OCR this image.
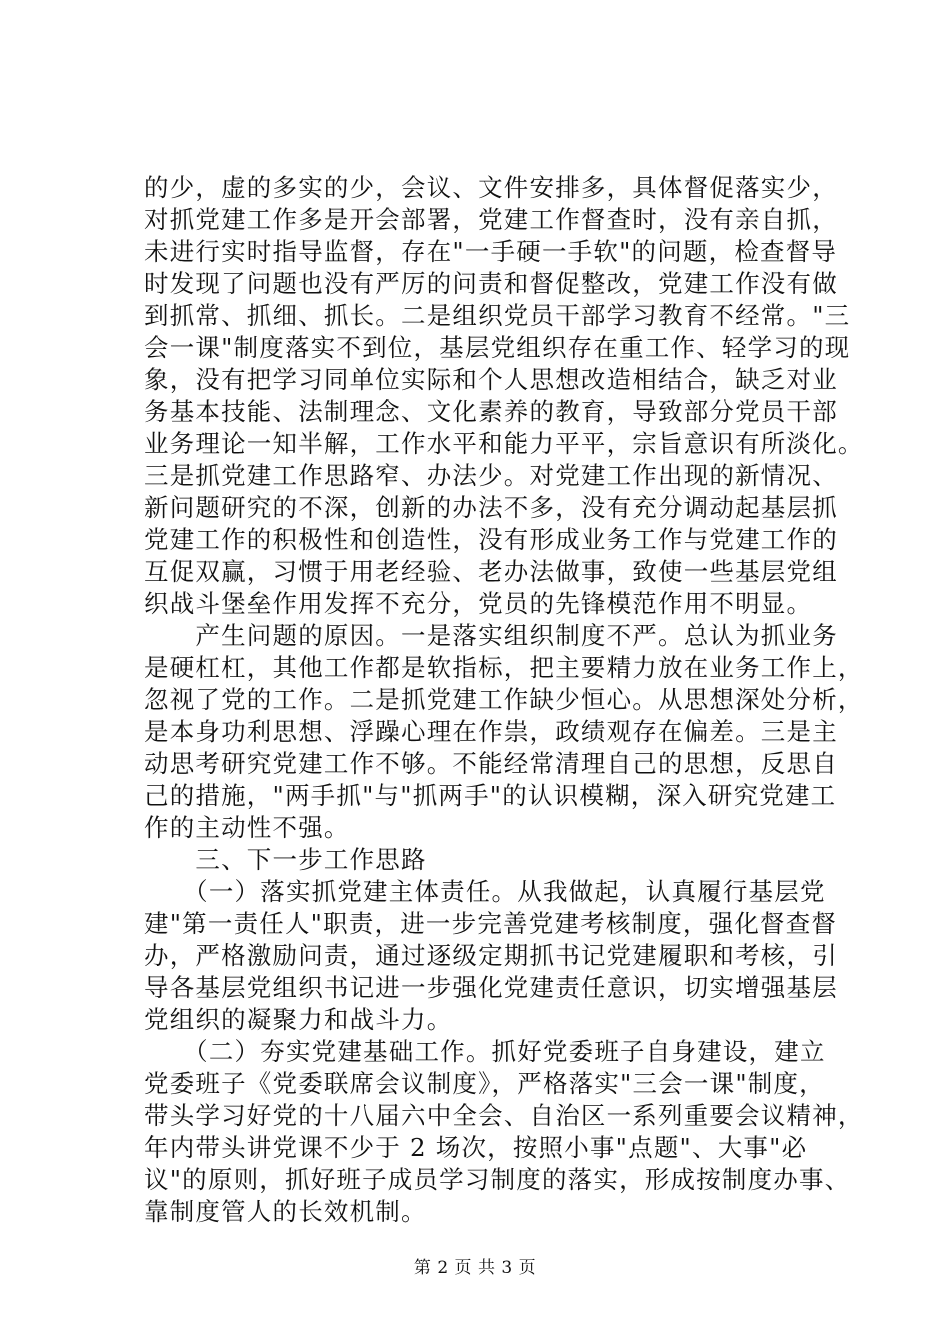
的少，虚的多实的少，会议、文件安排多，具体督促落实少，
对抓党建工作多是开会部署，党建工作督查时，没有亲自抓，
未进行实时指导监督，存在"一手硬一手软"的问题，检查督导
时发现了问题也没有严厉的问责和督促整改，党建工作没有做
到抓常、抓细、抓长。二是组织党员干部学习教育不经常。"三
会一课"制度落实不到位，基层党组织存在重工作、轻学习的现
象，没有把学习同单位实际和个人思想改造相结合，缺乏对业
务基本技能、法制理念、文化素养的教育，导致部分党员干部
业务理论一知半解，工作水平和能力平平，宗旨意识有所淡化。
三是抓党建工作思路窄、办法少。对党建工作出现的新情况、
新问题研究的不深，创新的办法不多，没有充分调动起基层抓
党建工作的积极性和创造性，没有形成业务工作与党建工作的
互促双赢，习惯于用老经验、老办法做事，致使一些基层党组
织战斗堡垒作用发挥不充分，党员的先锋模范作用不明显。
　　产生问题的原因。一是落实组织制度不严。总认为抓业务
是硬杠杠，其他工作都是软指标，把主要精力放在业务工作上，
忽视了党的工作。二是抓党建工作缺少恒心。从思想深处分析，
是本身功利思想、浮躁心理在作祟，政绩观存在偏差。三是主
动思考研究党建工作不够。不能经常清理自己的思想，反思自
己的措施，"两手抓"与"抓两手"的认识模糊，深入研究党建工
作的主动性不强。
　　三、下一步工作思路
　　（一）落实抓党建主体责任。从我做起，认真履行基层党
建"第一责任人"职责，进一步完善党建考核制度，强化督查督
办，严格激励问责，通过逐级定期抓书记党建履职和考核，引
导各基层党组织书记进一步强化党建责任意识，切实增强基层
党组织的凝聚力和战斗力。
　　（二）夯实党建基础工作。抓好党委班子自身建设，建立
党委班子《党委联席会议制度》，严格落实"三会一课"制度，
带头学习好党的十八届六中全会、自治区一系列重要会议精神，
年内带头讲党课不少于 2 场次，按照小事"点题"、大事"必
议"的原则，抓好班子成员学习制度的落实，形成按制度办事、
靠制度管人的长效机制。
第 2 页 共 3 页
